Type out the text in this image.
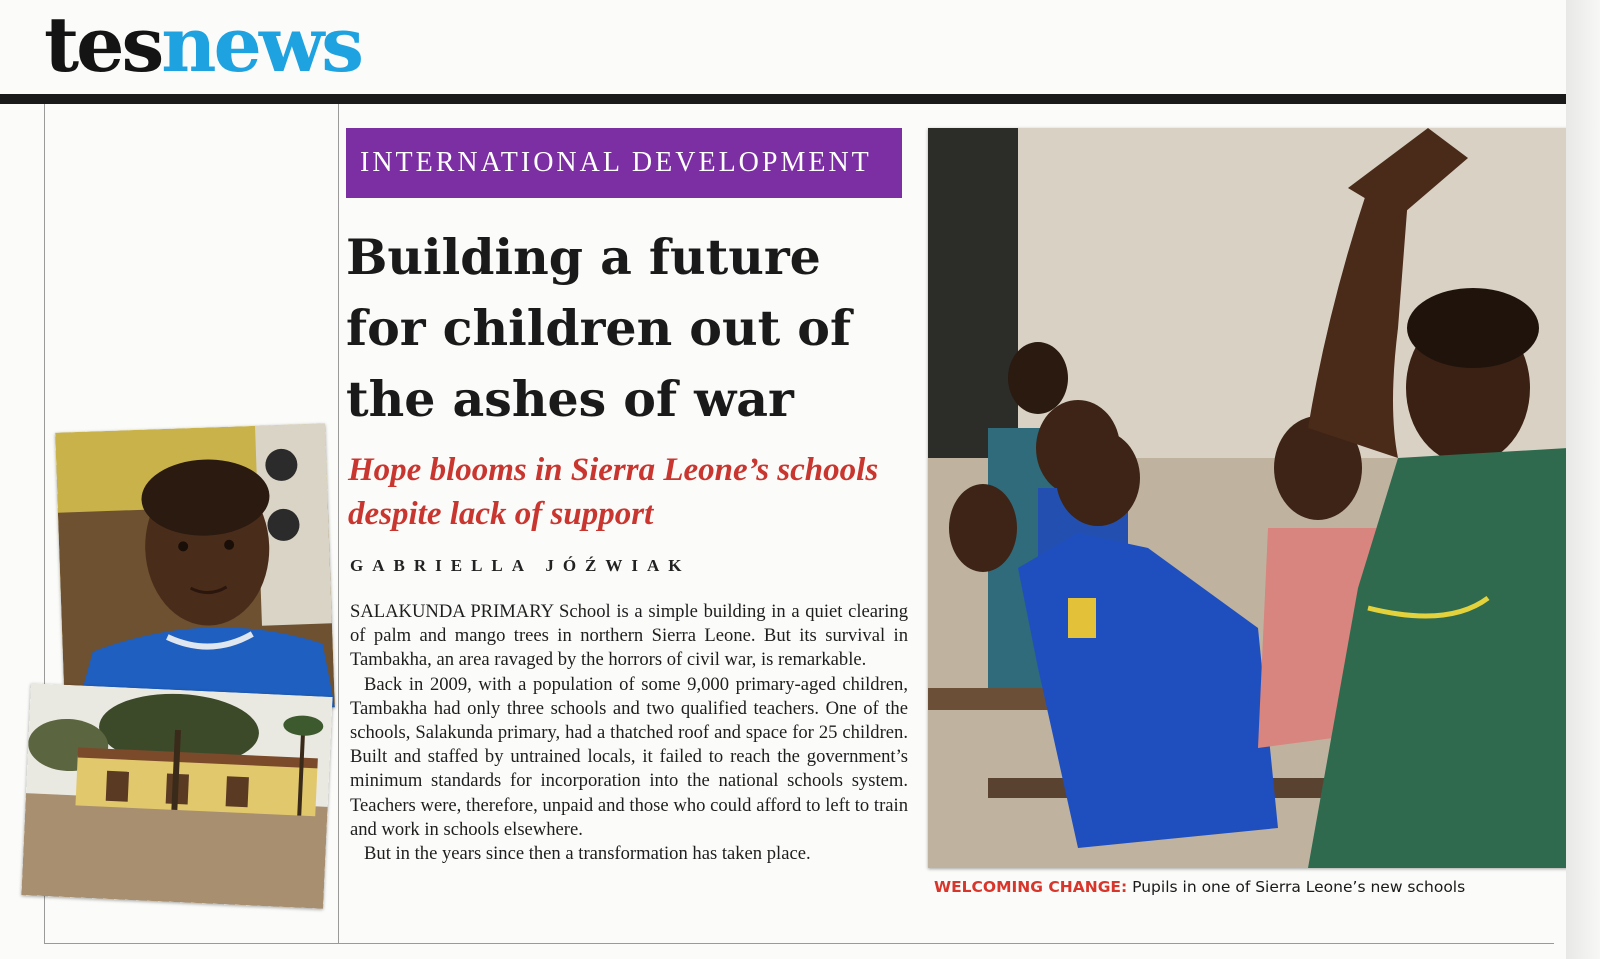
tesnews
INTERNATIONAL DEVELOPMENT
Building a future for children out of the ashes of war
Hope blooms in Sierra Leone’s schools despite lack of support
GABRIELLA JÓŹWIAK

SALAKUNDA PRIMARY School is a simple building in a quiet clearing of palm and mango trees in northern Sierra Leone. But its survival in Tambakha, an area ravaged by the horrors of civil war, is remarkable.

Back in 2009, with a population of some 9,000 primary-aged children, Tambakha had only three schools and two qualified teachers. One of the schools, Salakunda primary, had a thatched roof and space for 25 children. Built and staffed by untrained locals, it failed to reach the government’s minimum standards for incorporation into the national schools system. Teachers were, therefore, unpaid and those who could afford to left to train and work in schools elsewhere.

But in the years since then a transformation has taken place.

WELCOMING CHANGE: Pupils in one of Sierra Leone’s new schools
